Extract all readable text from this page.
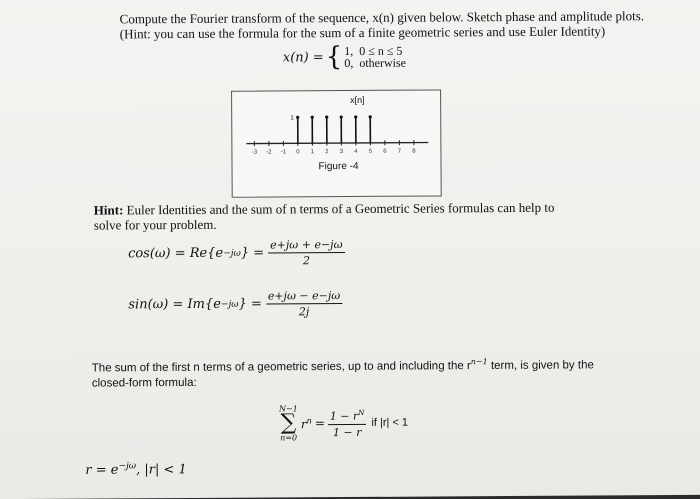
Compute the Fourier transform of the sequence, x(n) given below. Sketch phase and amplitude plots.
(Hint: you can use the formula for the sum of a finite geometric series and use Euler Identity)
x(n) = { 1, 0 ≤ n ≤ 5
0, otherwise
x[n]
1
-3 -2 -1 0 1 2 3 4 5 6 7 8
Figure -4
Hint: Euler Identities and the sum of n terms of a Geometric Series formulas can help to solve for your problem.
cos(ω) = Re{e −jω } = $\frac{e+j\omega + e-j\omega}{2}$
sin(ω) = Im{e −jω } = $\frac{e+j\omega - e-j\omega}{2j}$
The sum of the first n terms of a geometric series, up to and including the $r^{n-1}$ term, is given by the
closed-form formula:
N−1
∑
n=0
$r^n = \frac{1 - r^N}{1 - r}$ if |r| < 1
$r = e^{-j\omega}$, |r| < 1
